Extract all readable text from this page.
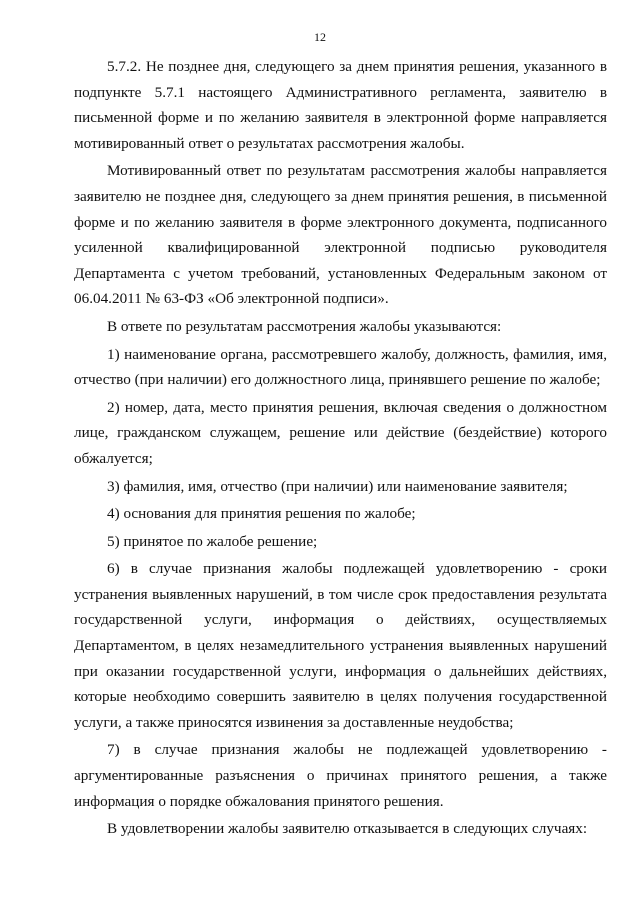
12

5.7.2. Не позднее дня, следующего за днем принятия решения, указанного в подпункте 5.7.1 настоящего Административного регламента, заявителю в письменной форме и по желанию заявителя в электронной форме направляется мотивированный ответ о результатах рассмотрения жалобы.

Мотивированный ответ по результатам рассмотрения жалобы направляется заявителю не позднее дня, следующего за днем принятия решения, в письменной форме и по желанию заявителя в форме электронного документа, подписанного усиленной квалифицированной электронной подписью руководителя Департамента с учетом требований, установленных Федеральным законом от 06.04.2011 № 63-ФЗ «Об электронной подписи».

В ответе по результатам рассмотрения жалобы указываются:

1) наименование органа, рассмотревшего жалобу, должность, фамилия, имя, отчество (при наличии) его должностного лица, принявшего решение по жалобе;

2) номер, дата, место принятия решения, включая сведения о должностном лице, гражданском служащем, решение или действие (бездействие) которого обжалуется;

3) фамилия, имя, отчество (при наличии) или наименование заявителя;

4) основания для принятия решения по жалобе;

5) принятое по жалобе решение;

6) в случае признания жалобы подлежащей удовлетворению - сроки устранения выявленных нарушений, в том числе срок предоставления результата государственной услуги, информация о действиях, осуществляемых Департаментом, в целях незамедлительного устранения выявленных нарушений при оказании государственной услуги, информация о дальнейших действиях, которые необходимо совершить заявителю в целях получения государственной услуги, а также приносятся извинения за доставленные неудобства;

7) в случае признания жалобы не подлежащей удовлетворению - аргументированные разъяснения о причинах принятого решения, а также информация о порядке обжалования принятого решения.

В удовлетворении жалобы заявителю отказывается в следующих случаях:
